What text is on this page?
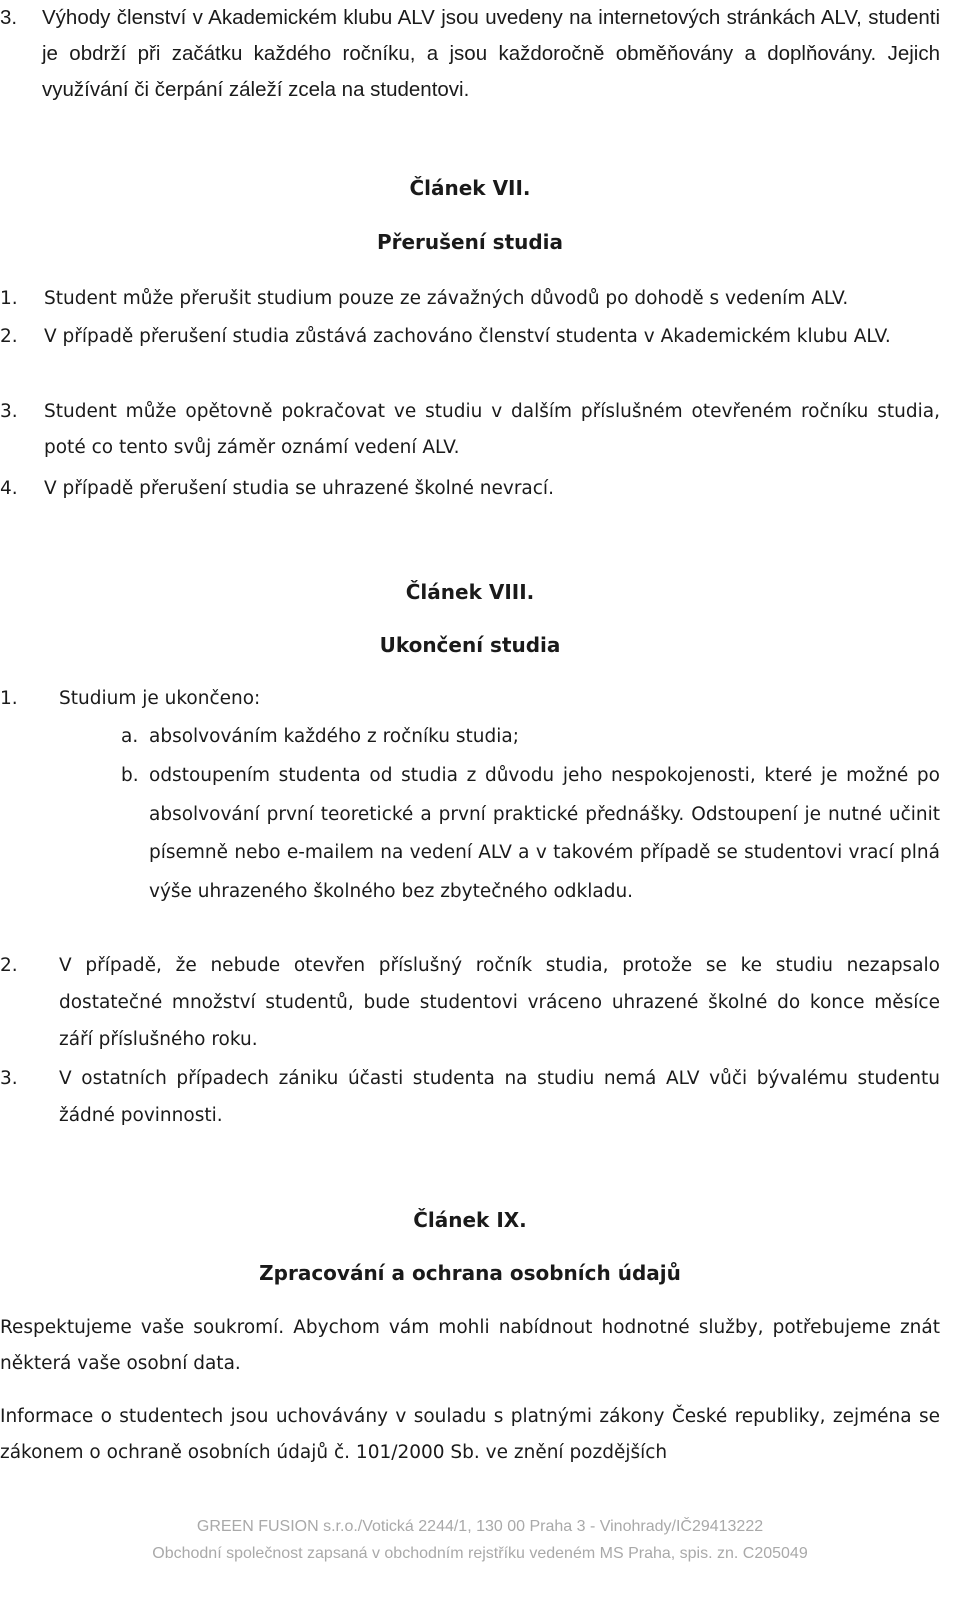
3. Výhody členství v Akademickém klubu ALV jsou uvedeny na internetových stránkách ALV, studenti je obdrží při začátku každého ročníku, a jsou každoročně obměňovány a doplňovány. Jejich využívání či čerpání záleží zcela na studentovi.
Článek VII.
Přerušení studia
1. Student může přerušit studium pouze ze závažných důvodů po dohodě s vedením ALV.
2. V případě přerušení studia zůstává zachováno členství studenta v Akademickém klubu ALV.
3. Student může opětovně pokračovat ve studiu v dalším příslušném otevřeném ročníku studia, poté co tento svůj záměr oznámí vedení ALV.
4. V případě přerušení studia se uhrazené školné nevrací.
Článek VIII.
Ukončení studia
1. Studium je ukončeno:
a. absolvováním každého z ročníku studia;
b. odstoupením studenta od studia z důvodu jeho nespokojenosti, které je možné po absolvování první teoretické a první praktické přednášky. Odstoupení je nutné učinit písemně nebo e-mailem na vedení ALV a v takovém případě se studentovi vrací plná výše uhrazeného školného bez zbytečného odkladu.
2. V případě, že nebude otevřen příslušný ročník studia, protože se ke studiu nezapsalo dostatečné množství studentů, bude studentovi vráceno uhrazené školné do konce měsíce září příslušného roku.
3. V ostatních případech zániku účasti studenta na studiu nemá ALV vůči bývalému studentu žádné povinnosti.
Článek IX.
Zpracování a ochrana osobních údajů
Respektujeme vaše soukromí. Abychom vám mohli nabídnout hodnotné služby, potřebujeme znát některá vaše osobní data.
Informace o studentech jsou uchovávány v souladu s platnými zákony České republiky, zejména se zákonem o ochraně osobních údajů č. 101/2000 Sb. ve znění pozdějších
GREEN FUSION s.r.o./Votická 2244/1, 130 00 Praha 3 - Vinohrady/IČ29413222
Obchodní společnost zapsaná v obchodním rejstříku vedeném MS Praha, spis. zn. C205049
